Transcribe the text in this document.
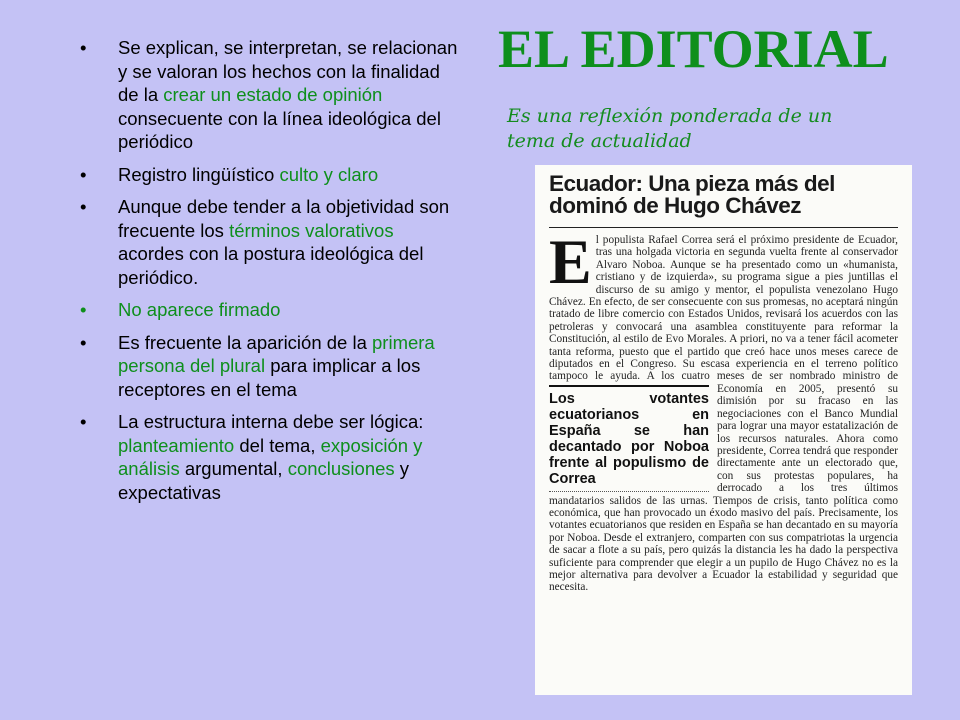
EL EDITORIAL
Es una reflexión ponderada de un tema de actualidad
•	Se explican, se interpretan, se relacionan y se valoran los hechos con la finalidad de la crear un estado de opinión consecuente con la línea ideológica del periódico
•	Registro lingüístico culto y claro
•	Aunque debe tender a la objetividad son frecuente los términos valorativos acordes con la postura ideológica del periódico.
•	No aparece firmado
•	Es frecuente la aparición de la primera persona del plural para implicar a los receptores en el tema
•	La estructura interna debe ser lógica: planteamiento del tema, exposición y análisis argumental, conclusiones y expectativas
Ecuador: Una pieza más del dominó de Hugo Chávez
E l populista Rafael Correa será el próximo presidente de Ecuador, tras una holgada victoria en segunda vuelta frente al conservador Alvaro Noboa. Aunque se ha presentado como un «humanista, cristiano y de izquierda», su programa sigue a pies juntillas el discurso de su amigo y mentor, el populista venezolano Hugo Chávez. En efecto, de ser consecuente con sus promesas, no aceptará ningún tratado de libre comercio con Estados Unidos, revisará los acuerdos con las petroleras y convocará una asamblea constituyente para reformar la Constitución, al estilo de Evo Morales. A priori, no va a tener fácil acometer tanta reforma, puesto que el partido que creó hace unos meses carece de diputados en el Congreso. Su escasa experiencia en el terreno político tampoco le ayuda. A los cuatro meses de ser nombrado
Los votantes ecuatorianos en España se han decantado por Noboa frente al populismo de Correa
ministro de Economía en 2005, presentó su dimisión por su fracaso en las negociaciones con el Banco Mundial para lograr una mayor estatalización de los recursos naturales. Ahora como presidente, Correa tendrá que responder directamente ante un electorado que, con sus protestas populares, ha derrocado a los tres últimos mandatarios salidos de las urnas. Tiempos de crisis, tanto política como económica, que han provocado un éxodo masivo del país. Precisamente, los votantes ecuatorianos que residen en España se han decantado en su mayoría por Noboa. Desde el extranjero, comparten con sus compatriotas la urgencia de sacar a flote a su país, pero quizás la distancia les ha dado la perspectiva suficiente para comprender que elegir a un pupilo de Hugo Chávez no es la mejor alternativa para devolver a Ecuador la estabilidad y seguridad que necesita.
